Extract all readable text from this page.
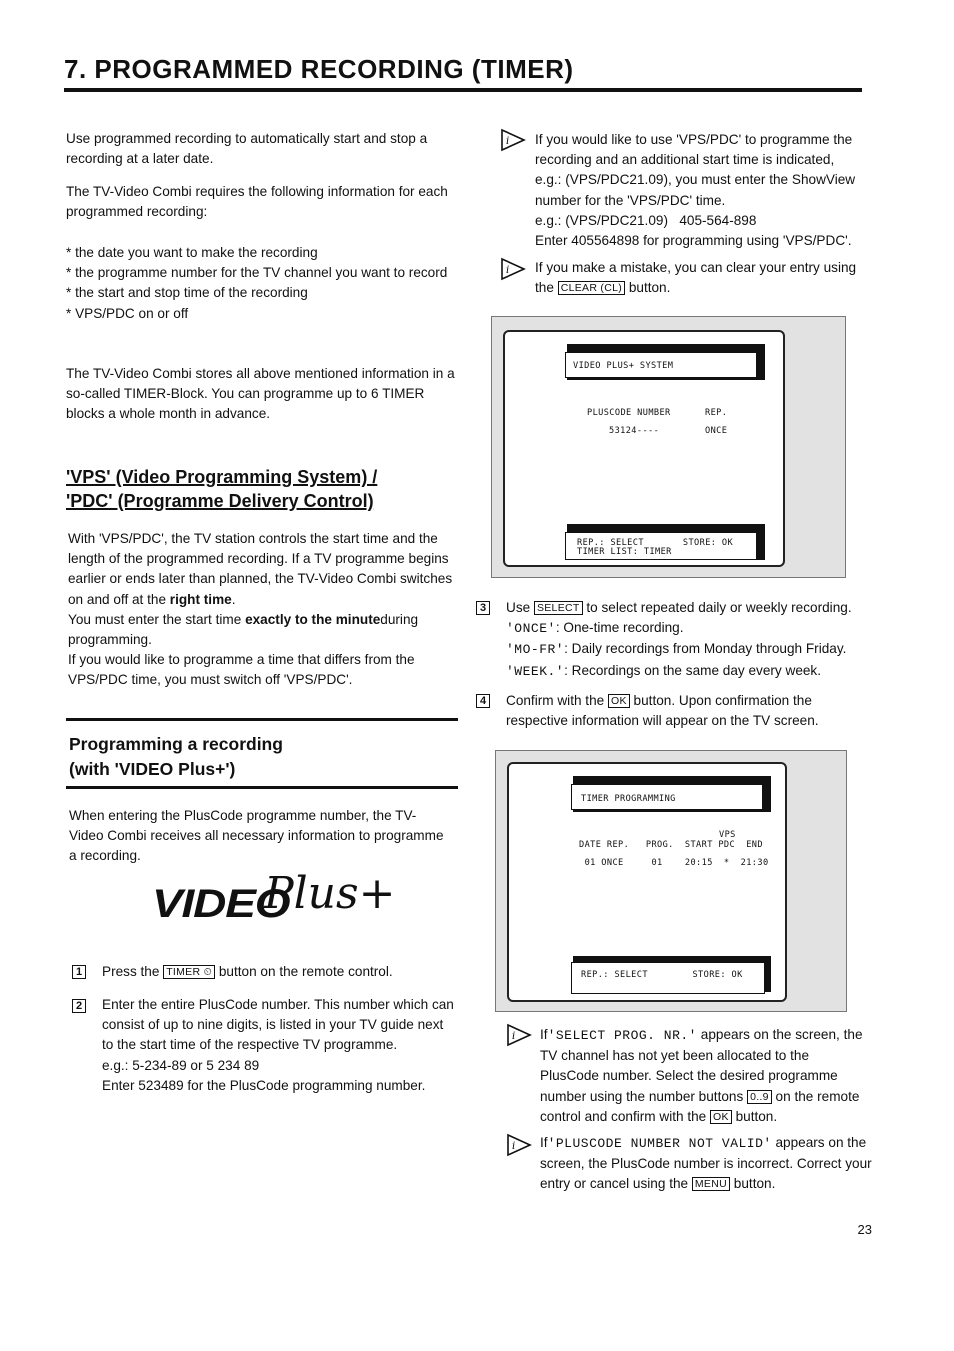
7. PROGRAMMED RECORDING (TIMER)
Use programmed recording to automatically start and stop a recording at a later date.
The TV-Video Combi requires the following information for each programmed recording:
* the date you want to make the recording
* the programme number for the TV channel you want to record
* the start and stop time of the recording
* VPS/PDC on or off
The TV-Video Combi stores all above mentioned information in a so-called TIMER-Block. You can programme up to 6 TIMER blocks a whole month in advance.
'VPS' (Video Programming System) /
'PDC' (Programme Delivery Control)
With 'VPS/PDC', the TV station controls the start time and the length of the programmed recording. If a TV programme begins earlier or ends later than planned, the TV-Video Combi switches on and off at the right time.
You must enter the start time exactly to the minuteduring programming.
If you would like to programme a time that differs from the VPS/PDC time, you must switch off 'VPS/PDC'.
Programming a recording
(with 'VIDEO Plus+')
When entering the PlusCode programme number, the TV-Video Combi receives all necessary information to programme a recording.
VIDEO
Plus+
1 Press the TIMER ⏲ button on the remote control.
2 Enter the entire PlusCode number. This number which can consist of up to nine digits, is listed in your TV guide next to the start time of the respective TV programme.
e.g.: 5-234-89 or 5 234 89
Enter 523489 for the PlusCode programming number.
i If you would like to use 'VPS/PDC' to programme the
recording and an additional start time is indicated,
e.g.: (VPS/PDC21.09), you must enter the ShowView
number for the 'VPS/PDC' time.
e.g.: (VPS/PDC21.09) 405-564-898
Enter 405564898 for programming using 'VPS/PDC'.
i If you make a mistake, you can clear your entry using the CLEAR (CL) button.
VIDEO PLUS+ SYSTEM
PLUSCODE NUMBER	REP.
53124----	ONCE
REP.: SELECT       STORE: OK
TIMER LIST: TIMER
3 Use SELECT to select repeated daily or weekly recording.
'ONCE': One-time recording.
'MO-FR': Daily recordings from Monday through Friday.
'WEEK.': Recordings on the same day every week.
4 Confirm with the OK button. Upon confirmation the respective information will appear on the TV screen.
TIMER PROGRAMMING
VPS
DATE REP.   PROG.  START PDC  END
01 ONCE     01    20:15  *  21:30
REP.: SELECT        STORE: OK
i If'SELECT PROG. NR.' appears on the screen, the TV channel has not yet been allocated to the PlusCode number. Select the desired programme number using the number buttons 0..9 on the remote control and confirm with the OK button.
i If'PLUSCODE NUMBER NOT VALID' appears on the screen, the PlusCode number is incorrect. Correct your entry or cancel using the MENU button.
23
